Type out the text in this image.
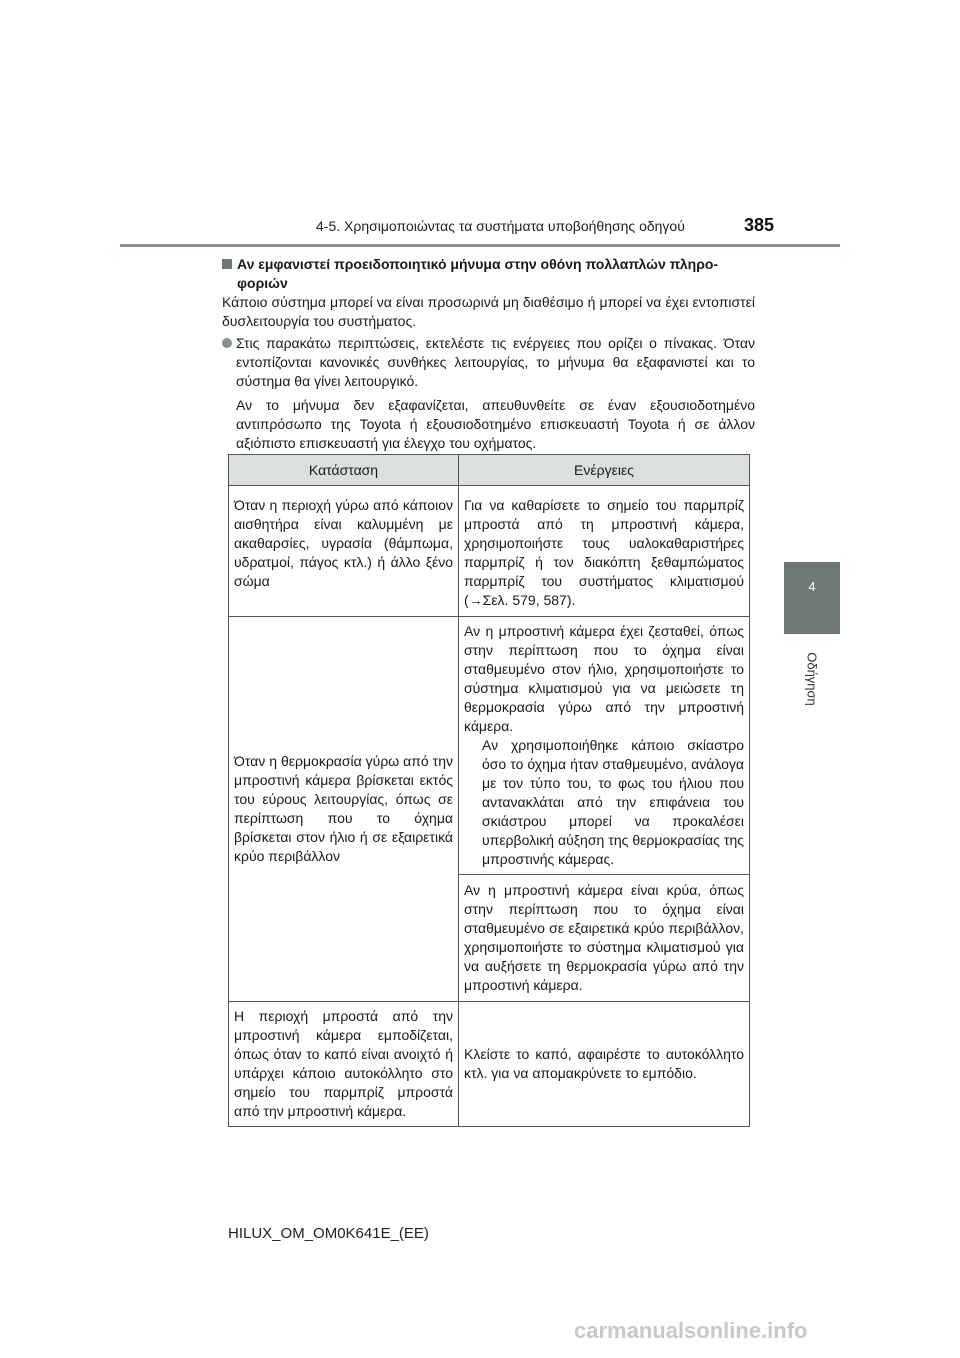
4-5. Χρησιμοποιώντας τα συστήματα υποβοήθησης οδηγού	385
4
Οδήγηση
Αν εμφανιστεί προειδοποιητικό μήνυμα στην οθόνη πολλαπλών πληροφοριών
Κάποιο σύστημα μπορεί να είναι προσωρινά μη διαθέσιμο ή μπορεί να έχει εντοπιστεί δυσλειτουργία του συστήματος.
Στις παρακάτω περιπτώσεις, εκτελέστε τις ενέργειες που ορίζει ο πίνακας. Όταν εντοπίζονται κανονικές συνθήκες λειτουργίας, το μήνυμα θα εξαφανιστεί και το σύστημα θα γίνει λειτουργικό.
Αν το μήνυμα δεν εξαφανίζεται, απευθυνθείτε σε έναν εξουσιοδοτημένο αντιπρόσωπο της Toyota ή εξουσιοδοτημένο επισκευαστή Toyota ή σε άλλον αξιόπιστο επισκευαστή για έλεγχο του οχήματος.
Κατάσταση	Ενέργειες
Όταν η περιοχή γύρω από κάποιον αισθητήρα είναι καλυμμένη με ακαθαρσίες, υγρασία (θάμπωμα, υδρατμοί, πάγος κτλ.) ή άλλο ξένο σώμα	Για να καθαρίσετε το σημείο του παρμπρίζ μπροστά από τη μπροστινή κάμερα, χρησιμοποιήστε τους υαλοκαθαριστήρες παρμπρίζ ή τον διακόπτη ξεθαμπώματος παρμπρίζ του συστήματος κλιματισμού (→Σελ. 579, 587).
Όταν η θερμοκρασία γύρω από την μπροστινή κάμερα βρίσκεται εκτός του εύρους λειτουργίας, όπως σε περίπτωση που το όχημα βρίσκεται στον ήλιο ή σε εξαιρετικά κρύο περιβάλλον	Αν η μπροστινή κάμερα έχει ζεσταθεί, όπως στην περίπτωση που το όχημα είναι σταθμευμένο στον ήλιο, χρησιμοποιήστε το σύστημα κλιματισμού για να μειώσετε τη θερμοκρασία γύρω από την μπροστινή κάμερα.
Αν χρησιμοποιήθηκε κάποιο σκίαστρο όσο το όχημα ήταν σταθμευμένο, ανάλογα με τον τύπο του, το φως του ήλιου που αντανακλάται από την επιφάνεια του σκιάστρου μπορεί να προκαλέσει υπερβολική αύξηση της θερμοκρασίας της μπροστινής κάμερας.

	Αν η μπροστινή κάμερα είναι κρύα, όπως στην περίπτωση που το όχημα είναι σταθμευμένο σε εξαιρετικά κρύο περιβάλλον, χρησιμοποιήστε το σύστημα κλιματισμού για να αυξήσετε τη θερμοκρασία γύρω από την μπροστινή κάμερα.
Η περιοχή μπροστά από την μπροστινή κάμερα εμποδίζεται, όπως όταν το καπό είναι ανοιχτό ή υπάρχει κάποιο αυτοκόλλητο στο σημείο του παρμπρίζ μπροστά από την μπροστινή κάμερα.	Κλείστε το καπό, αφαιρέστε το αυτοκόλλητο κτλ. για να απομακρύνετε το εμπόδιο.
HILUX_OM_OM0K641E_(EE)
carmanualsonline.info
